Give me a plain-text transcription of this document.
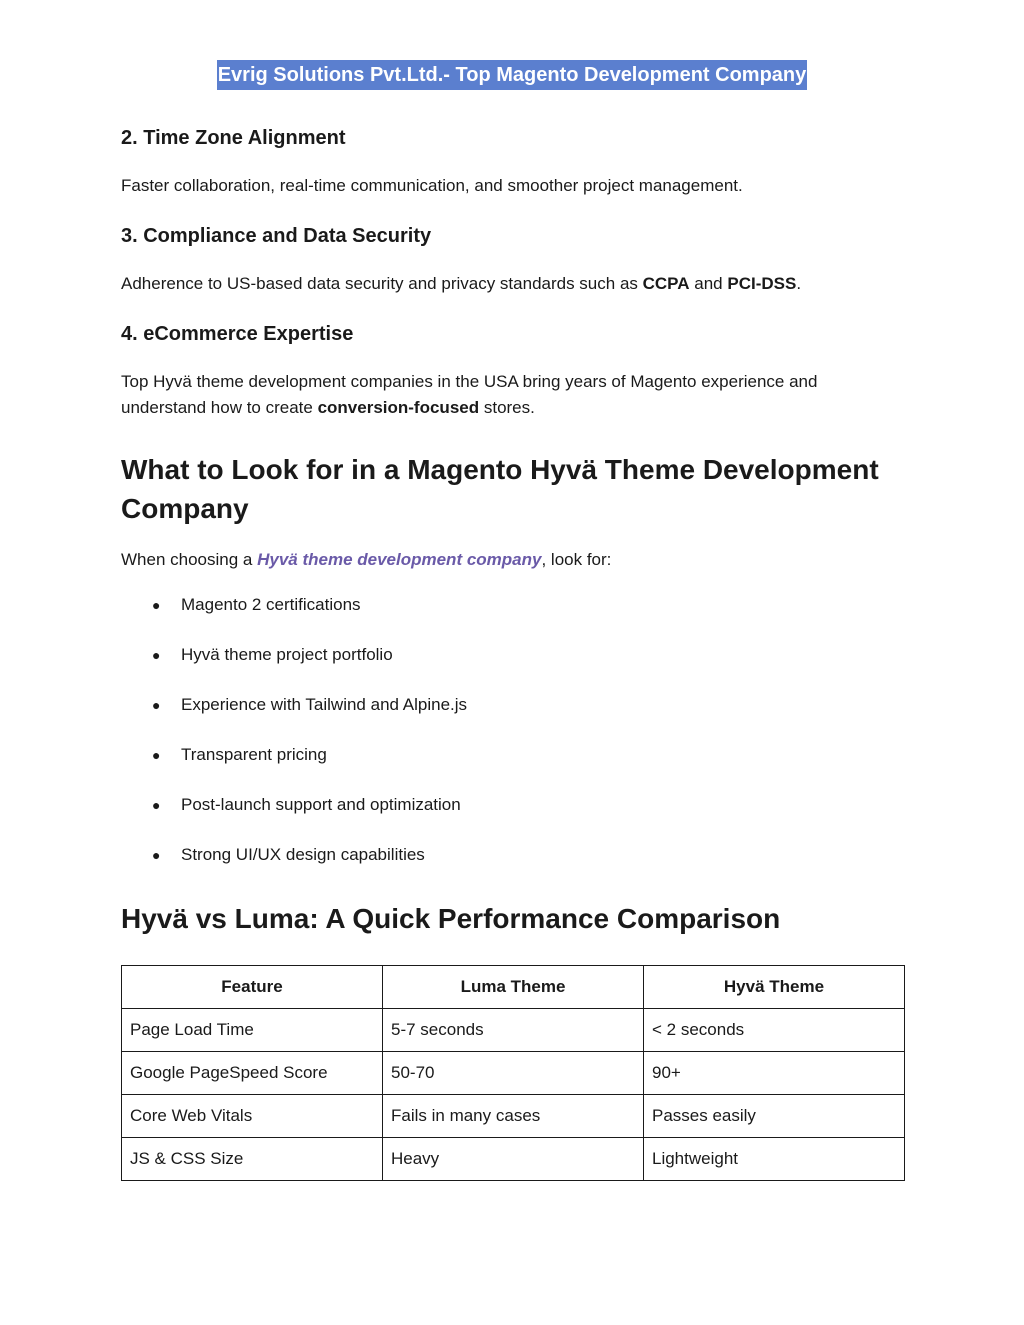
Evrig Solutions Pvt.Ltd.- Top Magento Development Company
2. Time Zone Alignment

Faster collaboration, real-time communication, and smoother project management.

3. Compliance and Data Security

Adherence to US-based data security and privacy standards such as CCPA and PCI-DSS.

4. eCommerce Expertise

Top Hyvä theme development companies in the USA bring years of Magento experience and understand how to create conversion-focused stores.

What to Look for in a Magento Hyvä Theme Development Company

When choosing a Hyvä theme development company, look for:

● Magento 2 certifications
● Hyvä theme project portfolio
● Experience with Tailwind and Alpine.js
● Transparent pricing
● Post-launch support and optimization
● Strong UI/UX design capabilities
Hyvä vs Luma: A Quick Performance Comparison
Feature	Luma Theme	Hyvä Theme
Page Load Time	5-7 seconds	< 2 seconds
Google PageSpeed Score	50-70	90+
Core Web Vitals	Fails in many cases	Passes easily
JS & CSS Size	Heavy	Lightweight
